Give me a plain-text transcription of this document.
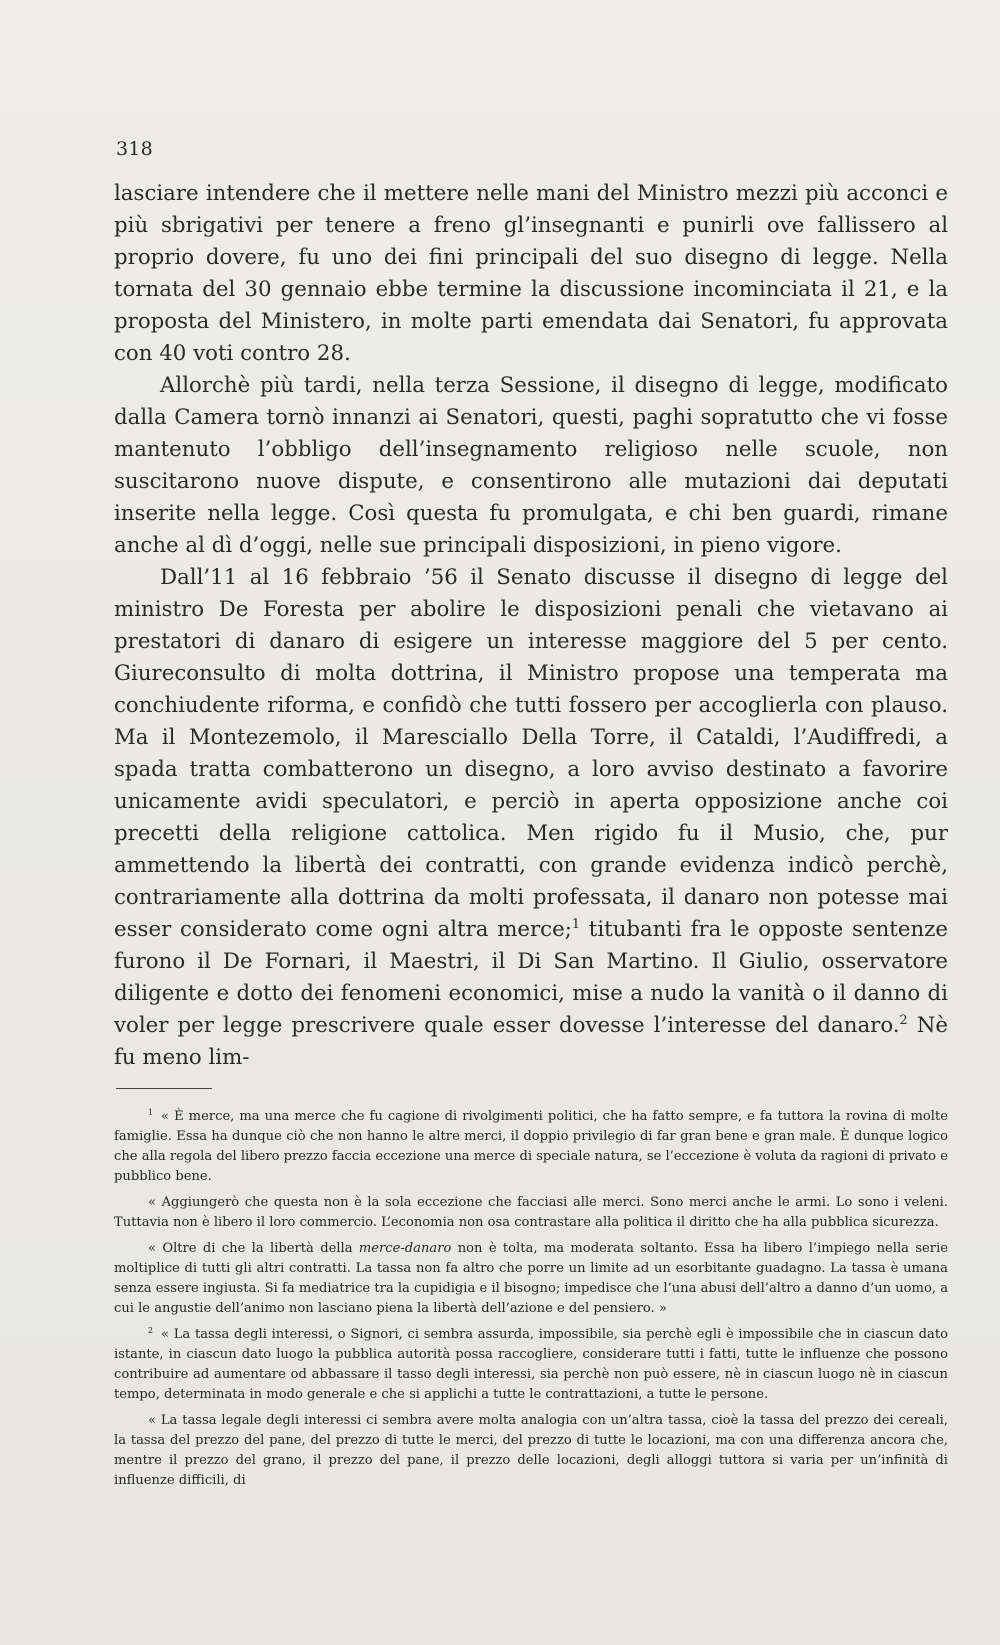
318

lasciare intendere che il mettere nelle mani del Ministro mezzi più acconci e più sbrigativi per tenere a freno gl’insegnanti e punirli ove fallissero al proprio dovere, fu uno dei fini principali del suo disegno di legge. Nella tornata del 30 gennaio ebbe termine la discussione incominciata il 21, e la proposta del Ministero, in molte parti emendata dai Senatori, fu approvata con 40 voti contro 28.

Allorchè più tardi, nella terza Sessione, il disegno di legge, modificato dalla Camera tornò innanzi ai Senatori, questi, paghi sopratutto che vi fosse mantenuto l’obbligo dell’insegnamento religioso nelle scuole, non suscitarono nuove dispute, e consentirono alle mutazioni dai deputati inserite nella legge. Così questa fu promulgata, e chi ben guardi, rimane anche al dì d’oggi, nelle sue principali disposizioni, in pieno vigore.

Dall’11 al 16 febbraio ’56 il Senato discusse il disegno di legge del ministro De Foresta per abolire le disposizioni penali che vietavano ai prestatori di danaro di esigere un interesse maggiore del 5 per cento. Giureconsulto di molta dottrina, il Ministro propose una temperata ma conchiudente riforma, e confidò che tutti fossero per accoglierla con plauso. Ma il Montezemolo, il Maresciallo Della Torre, il Cataldi, l’Audiffredi, a spada tratta combatterono un disegno, a loro avviso destinato a favorire unicamente avidi speculatori, e perciò in aperta opposizione anche coi precetti della religione cattolica. Men rigido fu il Musio, che, pur ammettendo la libertà dei contratti, con grande evidenza indicò perchè, contrariamente alla dottrina da molti professata, il danaro non potesse mai esser considerato come ogni altra merce;$^1$ titubanti fra le opposte sentenze furono il De Fornari, il Maestri, il Di San Martino. Il Giulio, osservatore diligente e dotto dei fenomeni economici, mise a nudo la vanità o il danno di voler per legge prescrivere quale esser dovesse l’interesse del danaro.$^2$ Nè fu meno lim-

$^1$ « È merce, ma una merce che fu cagione di rivolgimenti politici, che ha fatto sempre, e fa tuttora la rovina di molte famiglie. Essa ha dunque ciò che non hanno le altre merci, il doppio privilegio di far gran bene e gran male. È dunque logico che alla regola del libero prezzo faccia eccezione una merce di speciale natura, se l’eccezione è voluta da ragioni di privato e pubblico bene.

« Aggiungerò che questa non è la sola eccezione che facciasi alle merci. Sono merci anche le armi. Lo sono i veleni. Tuttavia non è libero il loro commercio. L’economia non osa contrastare alla politica il diritto che ha alla pubblica sicurezza.

« Oltre di che la libertà della merce-danaro non è tolta, ma moderata soltanto. Essa ha libero l’impiego nella serie moltiplice di tutti gli altri contratti. La tassa non fa altro che porre un limite ad un esorbitante guadagno. La tassa è umana senza essere ingiusta. Si fa mediatrice tra la cupidigia e il bisogno; impedisce che l’una abusi dell’altro a danno d’un uomo, a cui le angustie dell’animo non lasciano piena la libertà dell’azione e del pensiero. »

$^2$ « La tassa degli interessi, o Signori, ci sembra assurda, impossibile, sia perchè egli è impossibile che in ciascun dato istante, in ciascun dato luogo la pubblica autorità possa raccogliere, considerare tutti i fatti, tutte le influenze che possono contribuire ad aumentare od abbassare il tasso degli interessi, sia perchè non può essere, nè in ciascun luogo nè in ciascun tempo, determinata in modo generale e che si applichi a tutte le contrattazioni, a tutte le persone.

« La tassa legale degli interessi ci sembra avere molta analogia con un’altra tassa, cioè la tassa del prezzo dei cereali, la tassa del prezzo del pane, del prezzo di tutte le merci, del prezzo di tutte le locazioni, ma con una differenza ancora che, mentre il prezzo del grano, il prezzo del pane, il prezzo delle locazioni, degli alloggi tuttora si varia per un’infinità di influenze difficili, di
